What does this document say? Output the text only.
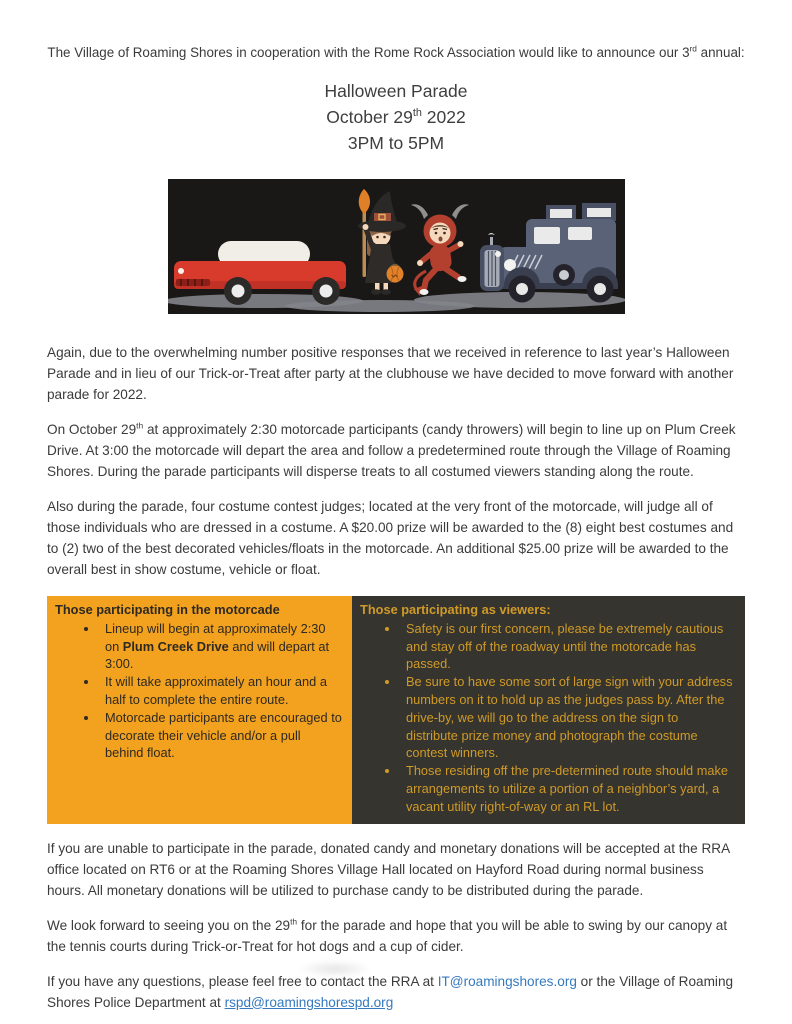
The Village of Roaming Shores in cooperation with the Rome Rock Association would like to announce our 3rd annual:
Halloween Parade
October 29th 2022
3PM to 5PM

Again, due to the overwhelming number positive responses that we received in reference to last year’s Halloween Parade and in lieu of our Trick-or-Treat after party at the clubhouse we have decided to move forward with another parade for 2022.

On October 29th at approximately 2:30 motorcade participants (candy throwers) will begin to line up on Plum Creek Drive. At 3:00 the motorcade will depart the area and follow a predetermined route through the Village of Roaming Shores. During the parade participants will disperse treats to all costumed viewers standing along the route.

Also during the parade, four costume contest judges; located at the very front of the motorcade, will judge all of those individuals who are dressed in a costume. A $20.00 prize will be awarded to the (8) eight best costumes and to (2) two of the best decorated vehicles/floats in the motorcade. An additional $25.00 prize will be awarded to the overall best in show costume, vehicle or float.

Those participating in the motorcade
• Lineup will begin at approximately 2:30 on Plum Creek Drive and will depart at 3:00.
• It will take approximately an hour and a half to complete the entire route.
• Motorcade participants are encouraged to decorate their vehicle and/or a pull behind float.
Those participating as viewers:
• Safety is our first concern, please be extremely cautious and stay off of the roadway until the motorcade has passed.
• Be sure to have some sort of large sign with your address numbers on it to hold up as the judges pass by. After the drive-by, we will go to the address on the sign to distribute prize money and photograph the costume contest winners.
• Those residing off the pre-determined route should make arrangements to utilize a portion of a neighbor’s yard, a vacant utility right-of-way or an RL lot.

If you are unable to participate in the parade, donated candy and monetary donations will be accepted at the RRA office located on RT6 or at the Roaming Shores Village Hall located on Hayford Road during normal business hours. All monetary donations will be utilized to purchase candy to be distributed during the parade.

We look forward to seeing you on the 29th for the parade and hope that you will be able to swing by our canopy at the tennis courts during Trick-or-Treat for hot dogs and a cup of cider.

If you have any questions, please feel free to contact the RRA at IT@roamingshores.org or the Village of Roaming Shores Police Department at rspd@roamingshorespd.org
